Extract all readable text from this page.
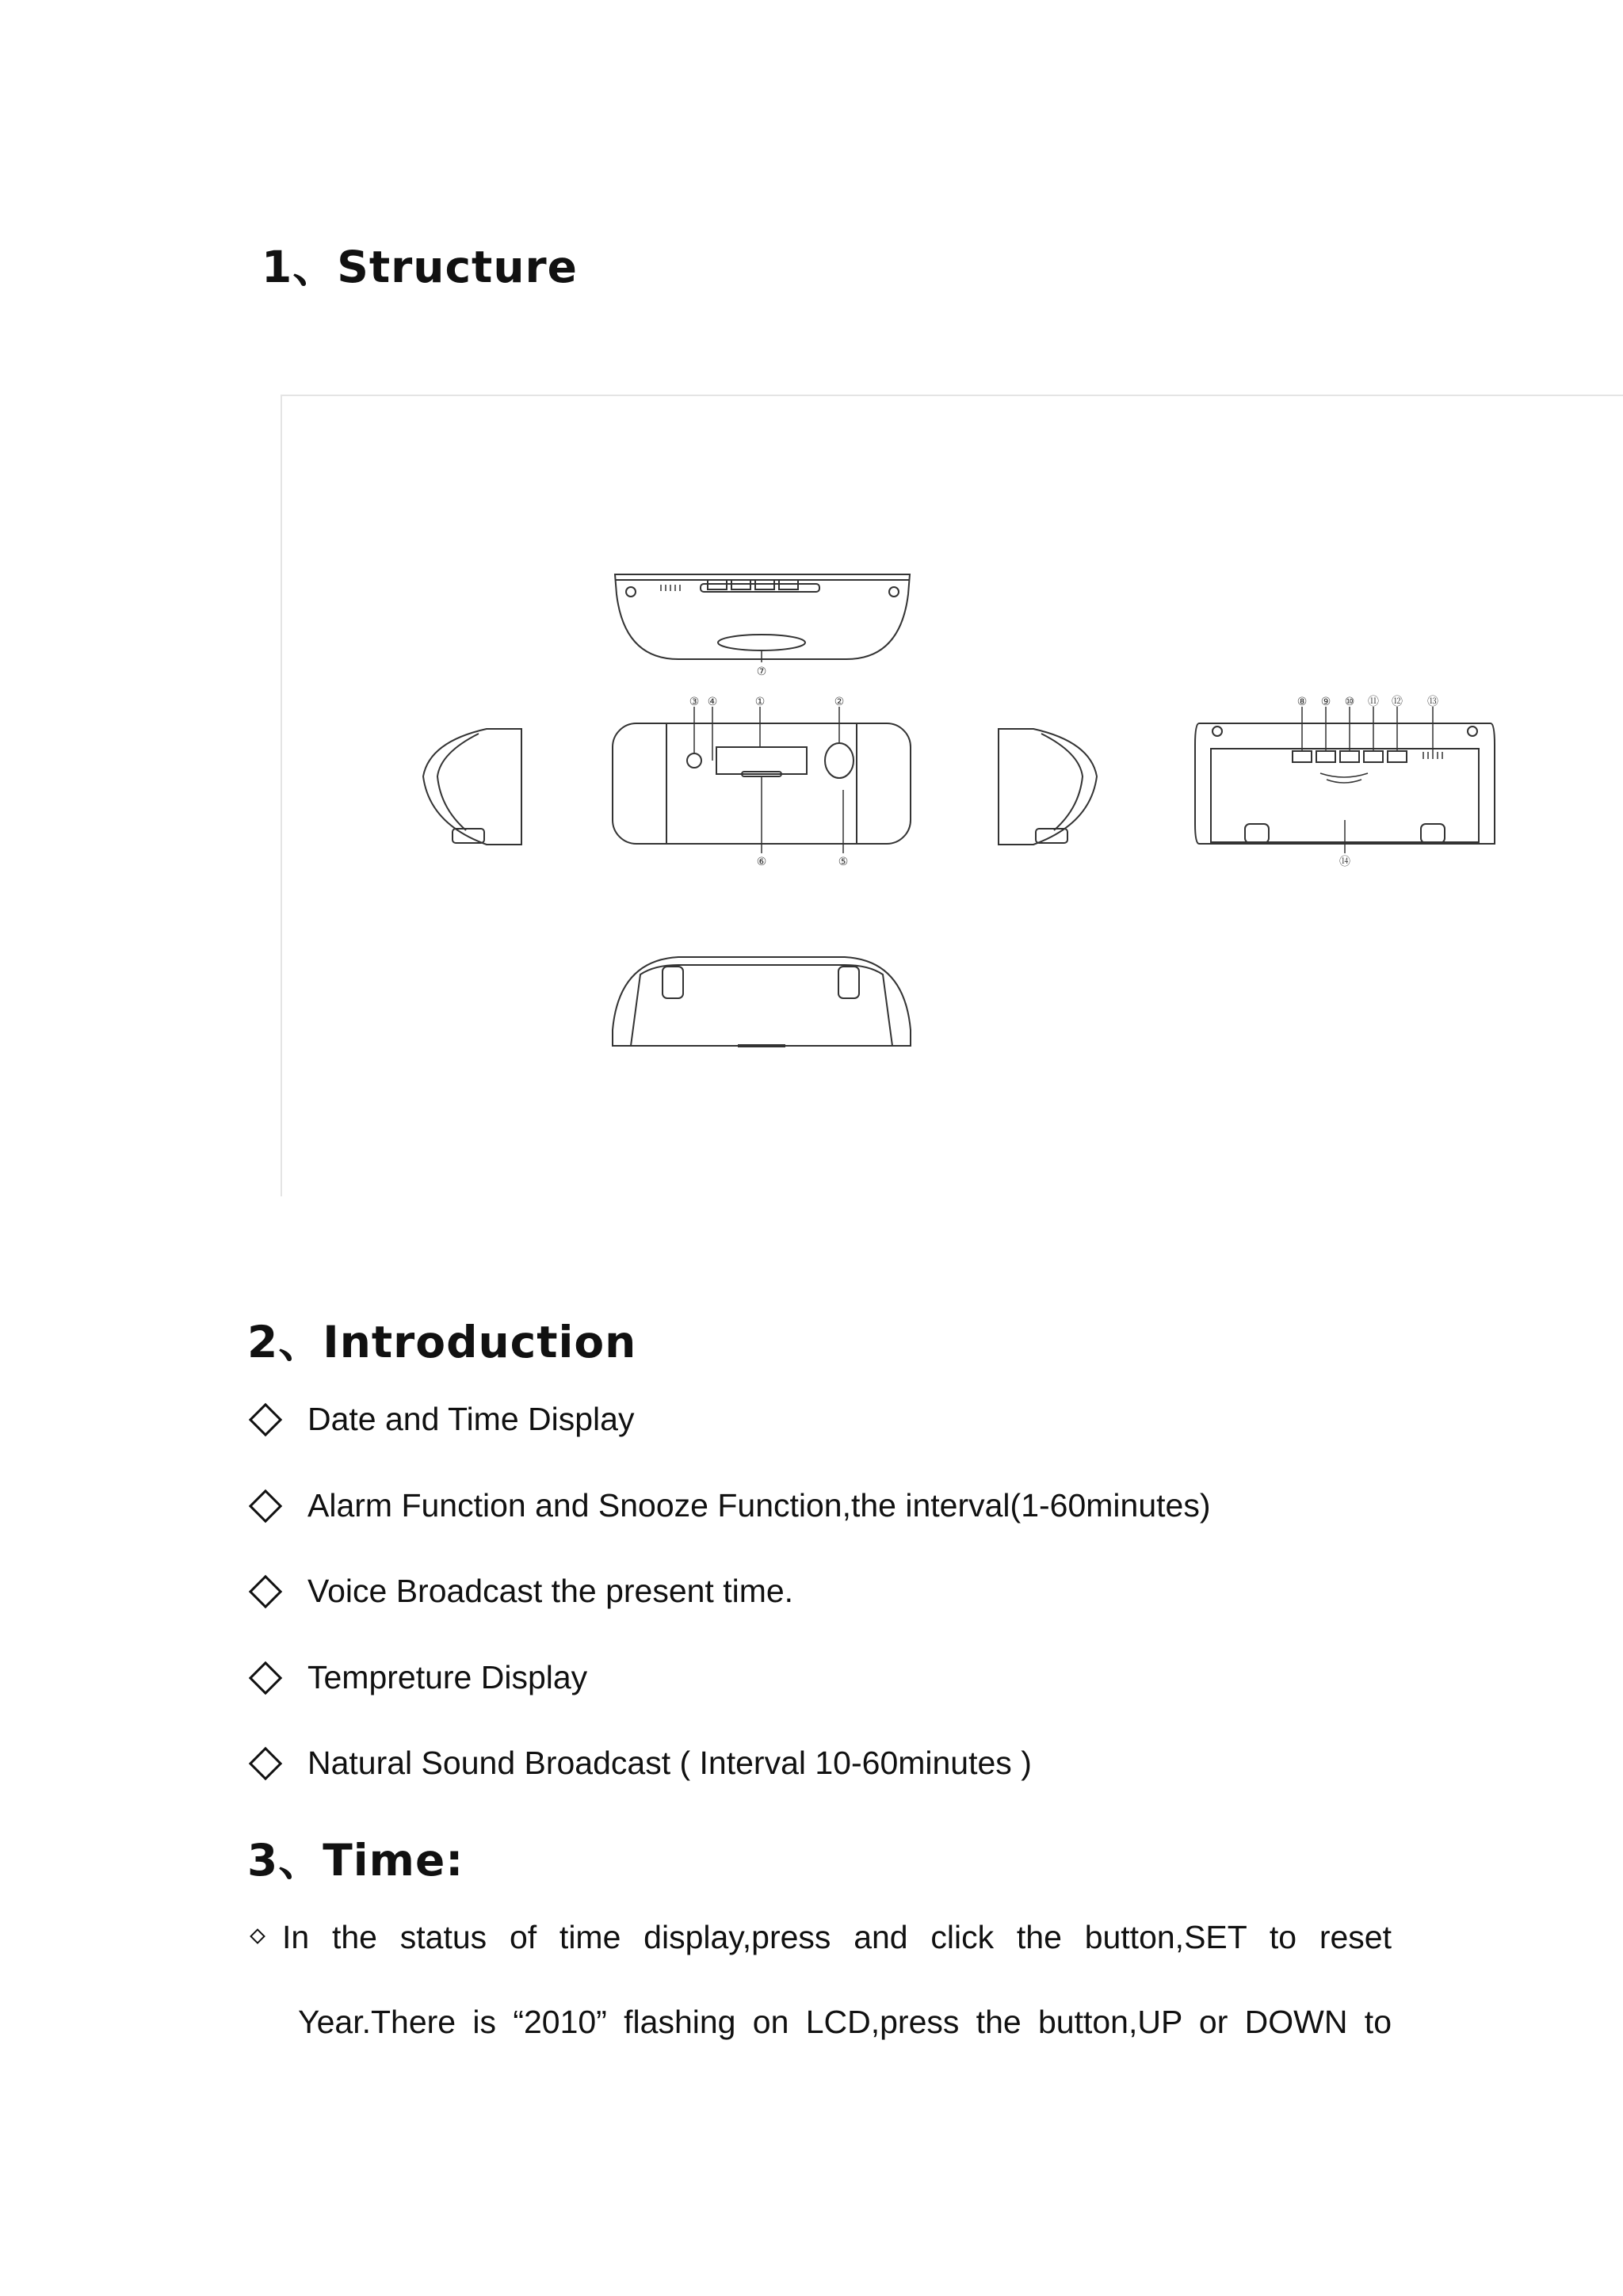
1、Structure
①	②
③ ④
⑤
⑥
⑦
⑧ ⑨ ⑩ ⑪ ⑫ ⑬
⑭
2、Introduction
Date and Time Display
Alarm Function and Snooze Function,the interval(1-60minutes)
Voice Broadcast the present time.
Tempreture Display
Natural Sound Broadcast ( Interval 10-60minutes )
3、Time:
In the status of time display,press and click the button,SET to reset
Year.There is “2010” flashing on LCD,press the button,UP or DOWN to
